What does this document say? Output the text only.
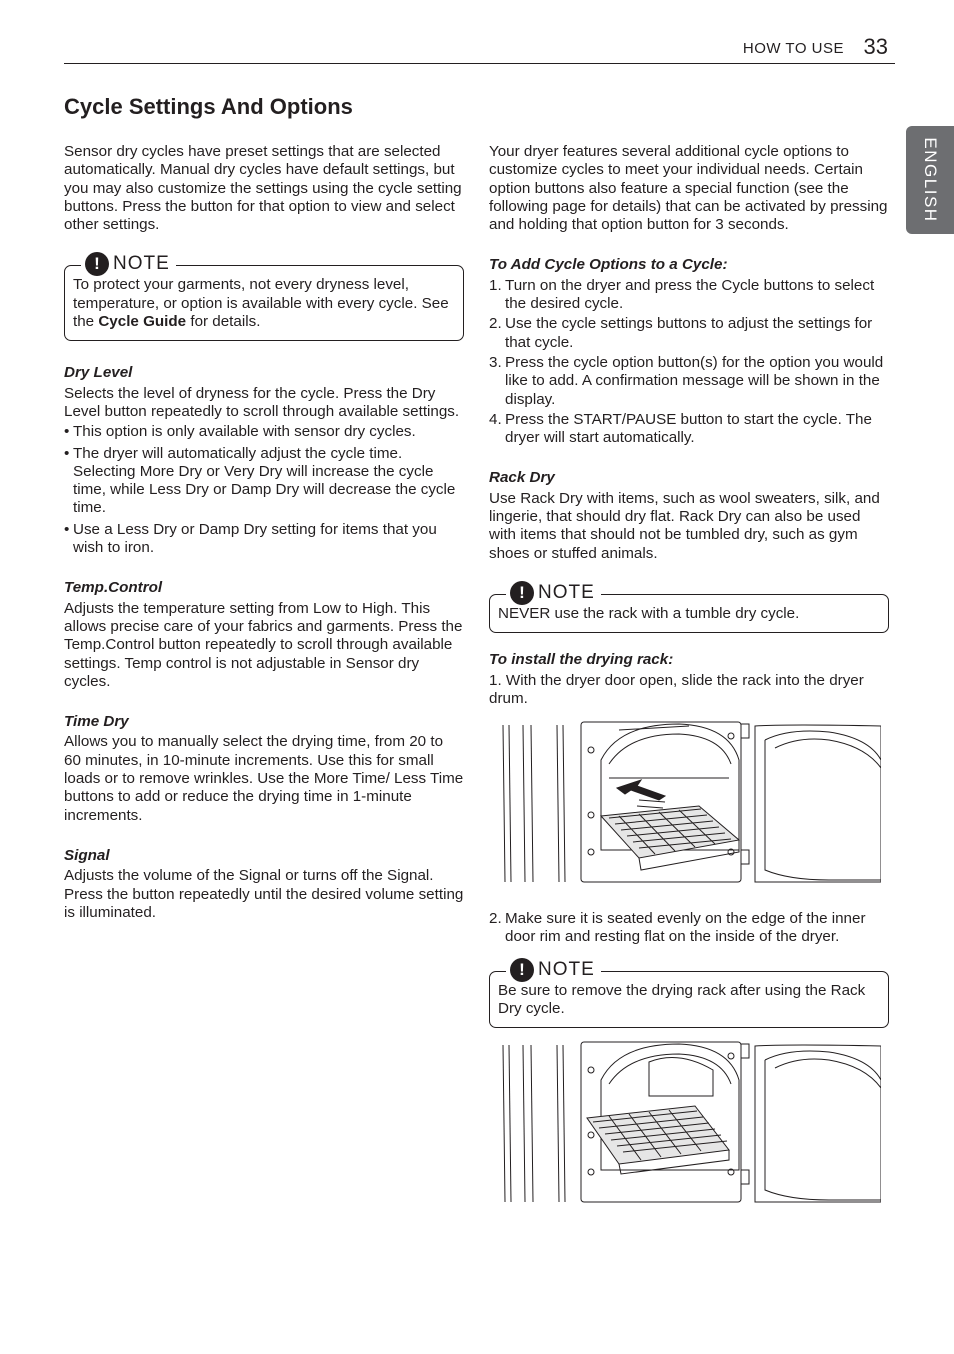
HOW TO USE 33
ENGLISH
Cycle Settings And Options

Sensor dry cycles have preset settings that are selected automatically. Manual dry cycles have default settings, but you may also customize the settings using the cycle setting buttons. Press the button for that option to view and select other settings.

! NOTE

To protect your garments, not every dryness level, temperature, or option is available with every cycle. See the Cycle Guide for details.

Dry Level

Selects the level of dryness for the cycle. Press the Dry Level button repeatedly to scroll through available settings.

• This option is only available with sensor dry cycles.
• The dryer will automatically adjust the cycle time. Selecting More Dry or Very Dry will increase the cycle time, while Less Dry or Damp Dry will decrease the cycle time.
• Use a Less Dry or Damp Dry setting for items that you wish to iron.

Temp.Control

Adjusts the temperature setting from Low to High. This allows precise care of your fabrics and garments. Press the Temp.Control button repeatedly to scroll through available settings. Temp control is not adjustable in Sensor dry cycles.

Time Dry

Allows you to manually select the drying time, from 20 to 60 minutes, in 10-minute increments. Use this for small loads or to remove wrinkles. Use the More Time/ Less Time buttons to add or reduce the drying time in 1-minute increments.

Signal

Adjusts the volume of the Signal or turns off the Signal. Press the button repeatedly until the desired volume setting is illuminated.

Your dryer features several additional cycle options to customize cycles to meet your individual needs. Certain option buttons also feature a special function (see the following page for details) that can be activated by pressing and holding that option button for 3 seconds.

To Add Cycle Options to a Cycle:

1. Turn on the dryer and press the Cycle buttons to select the desired cycle.
2. Use the cycle settings buttons to adjust the settings for that cycle.
3. Press the cycle option button(s) for the option you would like to add. A confirmation message will be shown in the display.
4. Press the START/PAUSE button to start the cycle. The dryer will start automatically.

Rack Dry

Use Rack Dry with items, such as wool sweaters, silk, and lingerie, that should dry flat. Rack Dry can also be used with items that should not be tumbled dry, such as gym shoes or stuffed animals.

! NOTE

NEVER use the rack with a tumble dry cycle.

To install the drying rack:

1. With the dryer door open, slide the rack into the dryer drum.

2. Make sure it is seated evenly on the edge of the inner door rim and resting flat on the inside of the dryer.
! NOTE

Be sure to remove the drying rack after using the Rack Dry cycle.
